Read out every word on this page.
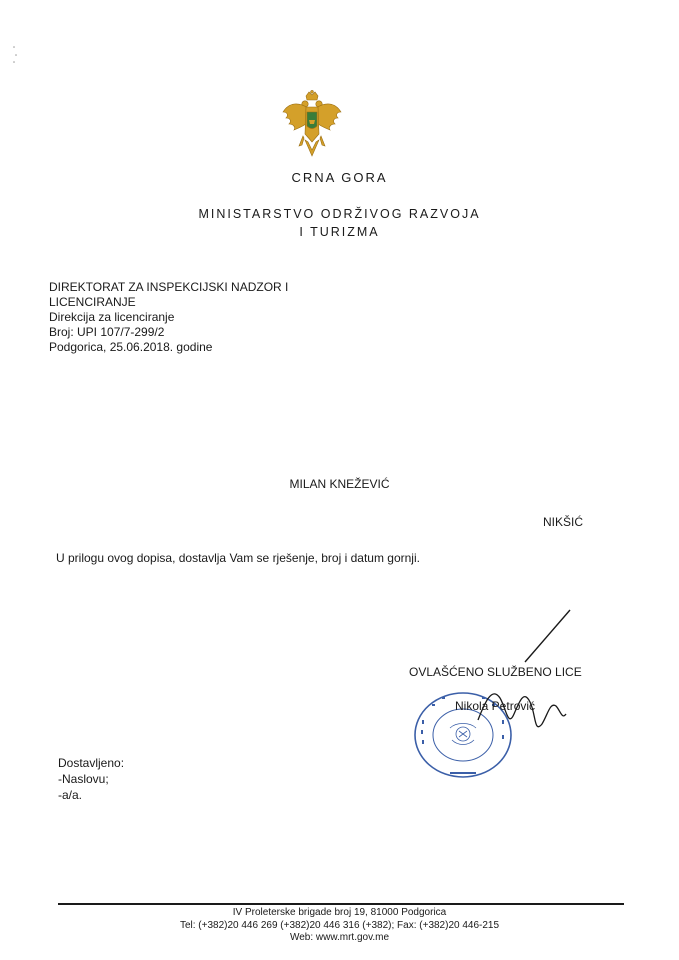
CRNA GORA
MINISTARSTVO ODRŽIVOG RAZVOJA
I TURIZMA
DIREKTORAT ZA INSPEKCIJSKI NADZOR I
LICENCIRANJE
Direkcija za licenciranje
Broj: UPI 107/7-299/2
Podgorica, 25.06.2018. godine
MILAN KNEŽEVIĆ
NIKŠIĆ
U prilogu ovog dopisa, dostavlja Vam se rješenje, broj i datum gornji.
OVLAŠĆENO SLUŽBENO LICE
Nikola Petrović
Dostavljeno:
-Naslovu;
-a/a.
IV Proleterske brigade broj 19, 81000 Podgorica
Tel: (+382)20 446 269 (+382)20 446 316 (+382); Fax: (+382)20 446-215
Web: www.mrt.gov.me
